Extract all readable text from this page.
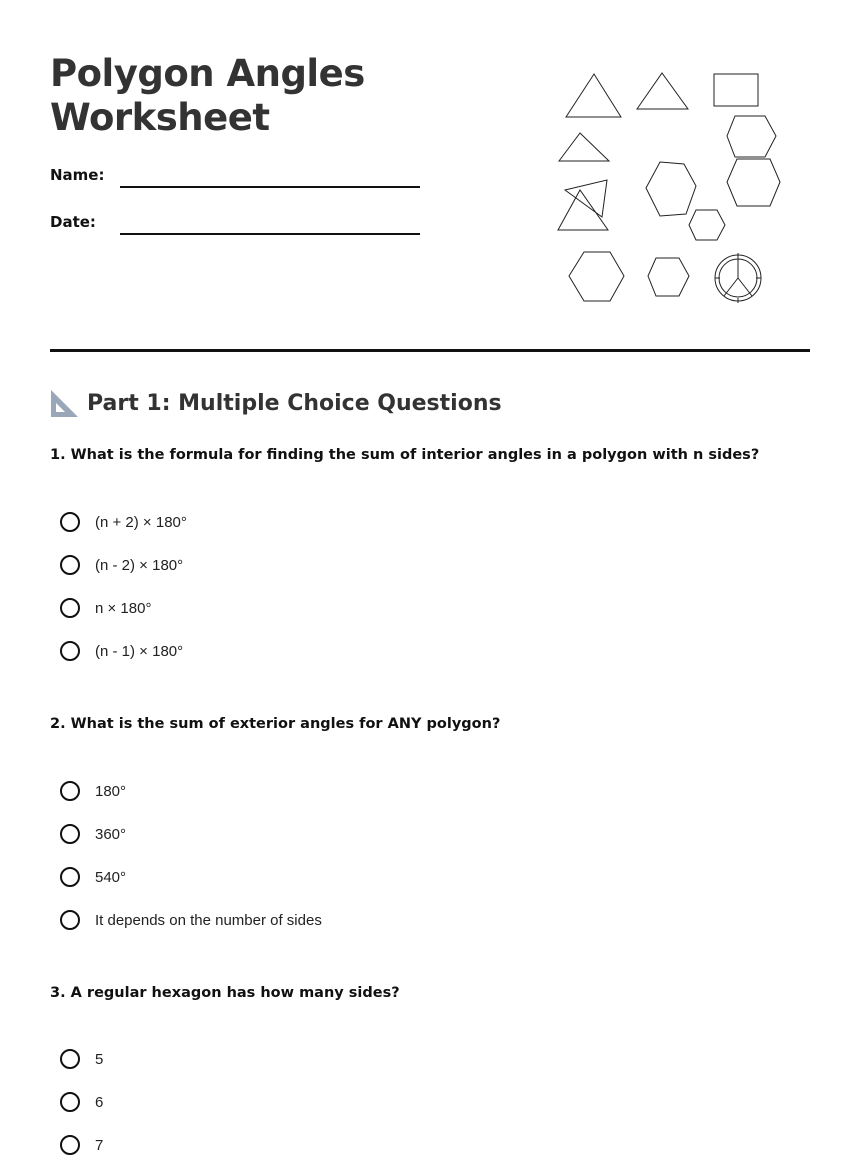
Polygon Angles
Worksheet
Name:
Date:
Part 1: Multiple Choice Questions

1. What is the formula for finding the sum of interior angles in a polygon with n sides?

(n + 2) × 180°
(n - 2) × 180°
n × 180°
(n - 1) × 180°

2. What is the sum of exterior angles for ANY polygon?

180°
360°
540°
It depends on the number of sides

3. A regular hexagon has how many sides?

5
6
7
